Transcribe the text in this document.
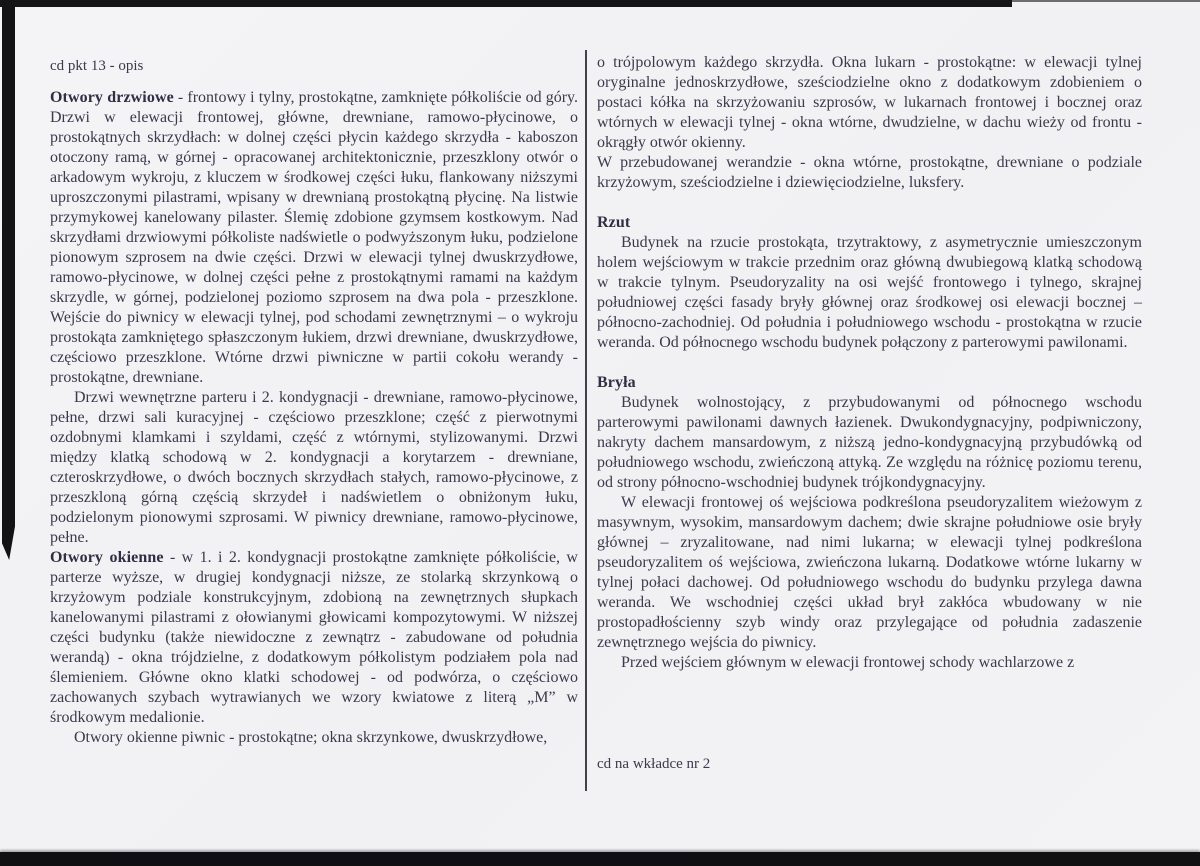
cd pkt 13 - opis

Otwory drzwiowe - frontowy i tylny, prostokątne, zamknięte półkoliście od góry. Drzwi w elewacji frontowej, główne, drewniane, ramowo-płycinowe, o prostokątnych skrzydłach: w dolnej części płycin każdego skrzydła - kaboszon otoczony ramą, w górnej - opracowanej architektonicznie, przeszklony otwór o arkadowym wykroju, z kluczem w środkowej części łuku, flankowany niższymi uproszczonymi pilastrami, wpisany w drewnianą prostokątną płycinę. Na listwie przymykowej kanelowany pilaster. Ślemię zdobione gzymsem kostkowym. Nad skrzydłami drzwiowymi półkoliste nadświetle o podwyższonym łuku, podzielone pionowym szprosem na dwie części. Drzwi w elewacji tylnej dwuskrzydłowe, ramowo-płycinowe, w dolnej części pełne z prostokątnymi ramami na każdym skrzydle, w górnej, podzielonej poziomo szprosem na dwa pola - przeszklone. Wejście do piwnicy w elewacji tylnej, pod schodami zewnętrznymi – o wykroju prostokąta zamkniętego spłaszczonym łukiem, drzwi drewniane, dwuskrzydłowe, częściowo przeszklone. Wtórne drzwi piwniczne w partii cokołu werandy - prostokątne, drewniane.

Drzwi wewnętrzne parteru i 2. kondygnacji - drewniane, ramowo-płycinowe, pełne, drzwi sali kuracyjnej - częściowo przeszklone; część z pierwotnymi ozdobnymi klamkami i szyldami, część z wtórnymi, stylizowanymi. Drzwi między klatką schodową w 2. kondygnacji a korytarzem - drewniane, czteroskrzydłowe, o dwóch bocznych skrzydłach stałych, ramowo-płycinowe, z przeszkloną górną częścią skrzydeł i nadświetlem o obniżonym łuku, podzielonym pionowymi szprosami. W piwnicy drewniane, ramowo-płycinowe, pełne.

Otwory okienne - w 1. i 2. kondygnacji prostokątne zamknięte półkoliście, w parterze wyższe, w drugiej kondygnacji niższe, ze stolarką skrzynkową o krzyżowym podziale konstrukcyjnym, zdobioną na zewnętrznych słupkach kanelowanymi pilastrami z ołowianymi głowicami kompozytowymi. W niższej części budynku (także niewidoczne z zewnątrz - zabudowane od południa werandą) - okna trójdzielne, z dodatkowym półkolistym podziałem pola nad ślemieniem. Główne okno klatki schodowej - od podwórza, o częściowo zachowanych szybach wytrawianych we wzory kwiatowe z literą „M” w środkowym medalionie.

Otwory okienne piwnic - prostokątne; okna skrzynkowe, dwuskrzydłowe,

o trójpolowym każdego skrzydła. Okna lukarn - prostokątne: w elewacji tylnej oryginalne jednoskrzydłowe, sześciodzielne okno z dodatkowym zdobieniem o postaci kółka na skrzyżowaniu szprosów, w lukarnach frontowej i bocznej oraz wtórnych w elewacji tylnej - okna wtórne, dwudzielne, w dachu wieży od frontu - okrągły otwór okienny.

W przebudowanej werandzie - okna wtórne, prostokątne, drewniane o podziale krzyżowym, sześciodzielne i dziewięciodzielne, luksfery.

Rzut

Budynek na rzucie prostokąta, trzytraktowy, z asymetrycznie umieszczonym holem wejściowym w trakcie przednim oraz główną dwubiegową klatką schodową w trakcie tylnym. Pseudoryzality na osi wejść frontowego i tylnego, skrajnej południowej części fasady bryły głównej oraz środkowej osi elewacji bocznej – północno-zachodniej. Od południa i południowego wschodu - prostokątna w rzucie weranda. Od północnego wschodu budynek połączony z parterowymi pawilonami.

Bryła

Budynek wolnostojący, z przybudowanymi od północnego wschodu parterowymi pawilonami dawnych łazienek. Dwukondygnacyjny, podpiwniczony, nakryty dachem mansardowym, z niższą jedno-kondygnacyjną przybudówką od południowego wschodu, zwieńczoną attyką. Ze względu na różnicę poziomu terenu, od strony północno-wschodniej budynek trójkondygnacyjny.

W elewacji frontowej oś wejściowa podkreślona pseudoryzalitem wieżowym z masywnym, wysokim, mansardowym dachem; dwie skrajne południowe osie bryły głównej – zryzalitowane, nad nimi lukarna; w elewacji tylnej podkreślona pseudoryzalitem oś wejściowa, zwieńczona lukarną. Dodatkowe wtórne lukarny w tylnej połaci dachowej. Od południowego wschodu do budynku przylega dawna weranda. We wschodniej części układ brył zakłóca wbudowany w nie prostopadłościenny szyb windy oraz przylegające od południa zadaszenie zewnętrznego wejścia do piwnicy.

Przed wejściem głównym w elewacji frontowej schody wachlarzowe z

cd na wkładce nr 2
